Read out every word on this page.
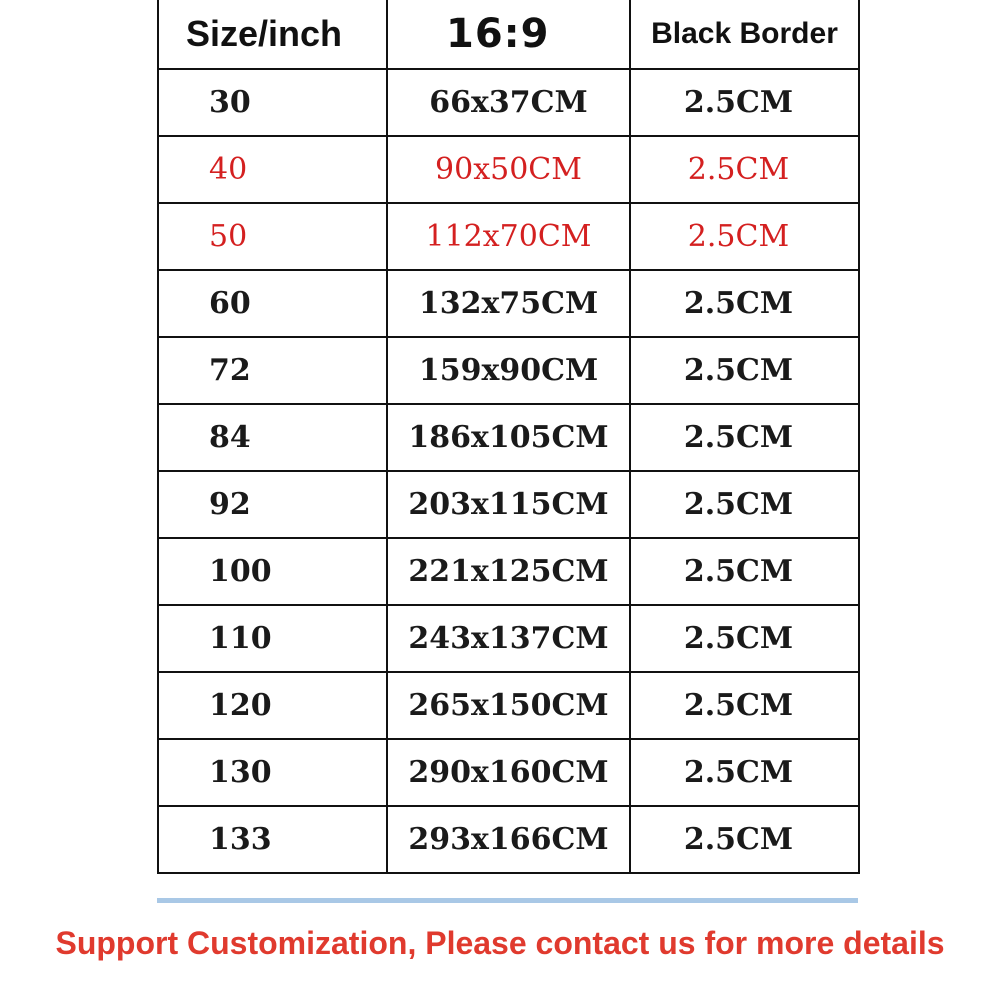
Size/inch	16:9	Black Border
30	66x37CM	2.5CM
40	90x50CM	2.5CM
50	112x70CM	2.5CM
60	132x75CM	2.5CM
72	159x90CM	2.5CM
84	186x105CM	2.5CM
92	203x115CM	2.5CM
100	221x125CM	2.5CM
110	243x137CM	2.5CM
120	265x150CM	2.5CM
130	290x160CM	2.5CM
133	293x166CM	2.5CM
Support Customization, Please contact us for more details
